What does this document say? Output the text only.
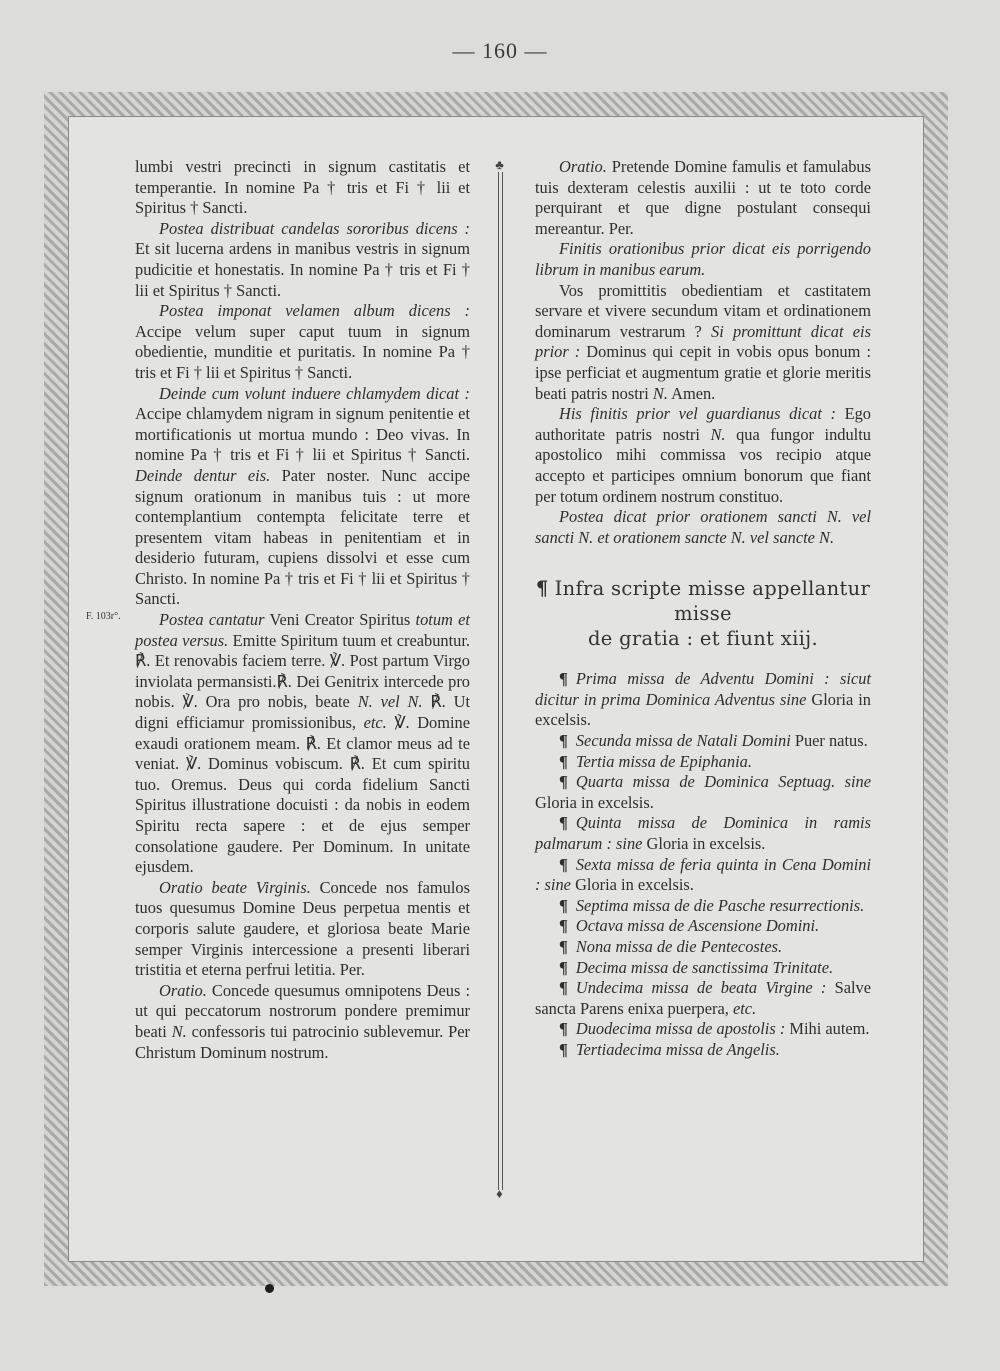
— 160 —
♣
♦
F. 103r°.

lumbi vestri precincti in signum castitatis et temperantie. In nomine Pa † tris et Fi † lii et Spiritus † Sancti.

Postea distribuat candelas sororibus dicens : Et sit lucerna ardens in manibus vestris in signum pudicitie et honestatis. In nomine Pa † tris et Fi † lii et Spiritus † Sancti.

Postea imponat velamen album dicens : Accipe velum super caput tuum in signum obedientie, munditie et puritatis. In nomine Pa † tris et Fi † lii et Spiritus † Sancti.

Deinde cum volunt induere chlamydem dicat : Accipe chlamydem nigram in signum penitentie et mortificationis ut mortua mundo : Deo vivas. In nomine Pa † tris et Fi † lii et Spiritus † Sancti. Deinde dentur eis. Pater noster. Nunc accipe signum orationum in manibus tuis : ut more contemplantium contempta felicitate terre et presentem vitam habeas in penitentiam et in desiderio futuram, cupiens dissolvi et esse cum Christo. In nomine Pa † tris et Fi † lii et Spiritus † Sancti.

Postea cantatur Veni Creator Spiritus totum et postea versus. Emitte Spiritum tuum et creabuntur. ℟. Et renovabis faciem terre. ℣. Post partum Virgo inviolata permansisti.℟. Dei Genitrix intercede pro nobis. ℣. Ora pro nobis, beate N. vel N. ℟. Ut digni efficiamur promissionibus, etc. ℣. Domine exaudi orationem meam. ℟. Et clamor meus ad te veniat. ℣. Dominus vobiscum. ℟. Et cum spiritu tuo. Oremus. Deus qui corda fidelium Sancti Spiritus illustratione docuisti : da nobis in eodem Spiritu recta sapere : et de ejus semper consolatione gaudere. Per Dominum. In unitate ejusdem.

Oratio beate Virginis. Concede nos famulos tuos quesumus Domine Deus perpetua mentis et corporis salute gaudere, et gloriosa beate Marie semper Virginis intercessione a presenti liberari tristitia et eterna perfrui letitia. Per.

Oratio. Concede quesumus omnipotens Deus : ut qui peccatorum nostrorum pondere premimur beati N. confessoris tui patrocinio sublevemur. Per Christum Dominum nostrum.

Oratio. Pretende Domine famulis et famulabus tuis dexteram celestis auxilii : ut te toto corde perquirant et que digne postulant consequi mereantur. Per.

Finitis orationibus prior dicat eis porrigendo librum in manibus earum.

Vos promittitis obedientiam et castitatem servare et vivere secundum vitam et ordinationem dominarum vestrarum ? Si promittunt dicat eis prior : Dominus qui cepit in vobis opus bonum : ipse perficiat et augmentum gratie et glorie meritis beati patris nostri N. Amen.

His finitis prior vel guardianus dicat : Ego authoritate patris nostri N. qua fungor indultu apostolico mihi commissa vos recipio atque accepto et participes omnium bonorum que fiant per totum ordinem nostrum constituo.

Postea dicat prior orationem sancti N. vel sancti N. et orationem sancte N. vel sancte N.

¶ Infra scripte misse appellantur misse
de gratia : et fiunt xiij.

¶ Prima missa de Adventu Domini : sicut dicitur in prima Dominica Adventus sine Gloria in excelsis.

¶ Secunda missa de Natali Domini Puer natus.

¶ Tertia missa de Epiphania.

¶ Quarta missa de Dominica Septuag. sine Gloria in excelsis.

¶ Quinta missa de Dominica in ramis palmarum : sine Gloria in excelsis.

¶ Sexta missa de feria quinta in Cena Domini : sine Gloria in excelsis.

¶ Septima missa de die Pasche resurrectionis.

¶ Octava missa de Ascensione Domini.

¶ Nona missa de die Pentecostes.

¶ Decima missa de sanctissima Trinitate.

¶ Undecima missa de beata Virgine : Salve sancta Parens enixa puerpera, etc.

¶ Duodecima missa de apostolis : Mihi autem.

¶ Tertiadecima missa de Angelis.
